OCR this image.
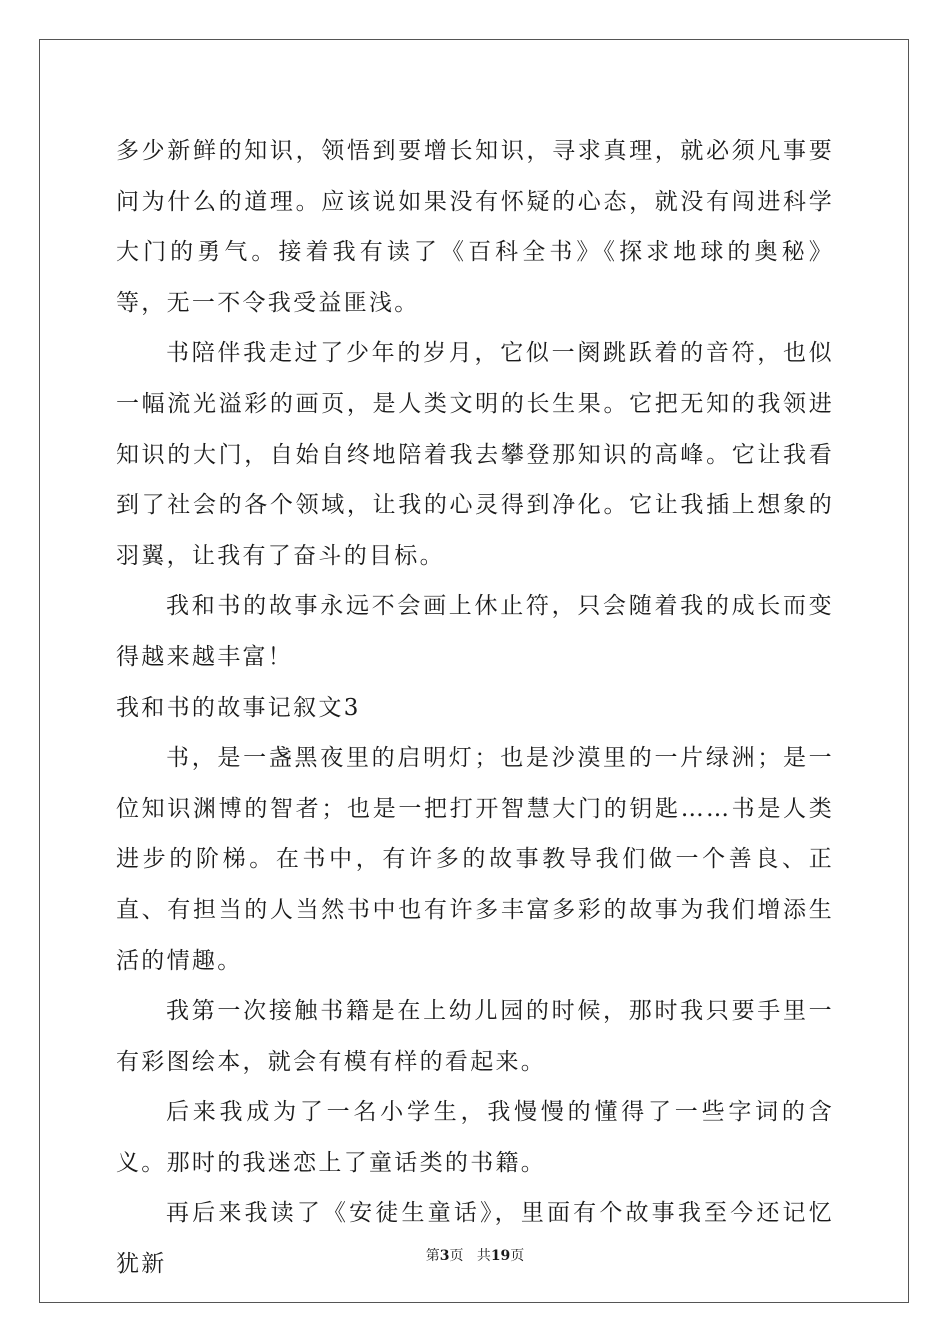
多少新鲜的知识，领悟到要增长知识，寻求真理，就必须凡事要问为什么的道理。应该说如果没有怀疑的心态，就没有闯进科学大门的勇气。接着我有读了《百科全书》《探求地球的奥秘》等，无一不令我受益匪浅。

书陪伴我走过了少年的岁月，它似一阕跳跃着的音符，也似一幅流光溢彩的画页，是人类文明的长生果。它把无知的我领进知识的大门，自始自终地陪着我去攀登那知识的高峰。它让我看到了社会的各个领域，让我的心灵得到净化。它让我插上想象的羽翼，让我有了奋斗的目标。

我和书的故事永远不会画上休止符，只会随着我的成长而变得越来越丰富！

我和书的故事记叙文3

书，是一盏黑夜里的启明灯；也是沙漠里的一片绿洲；是一位知识渊博的智者；也是一把打开智慧大门的钥匙……书是人类进步的阶梯。在书中，有许多的故事教导我们做一个善良、正直、有担当的人当然书中也有许多丰富多彩的故事为我们增添生活的情趣。

我第一次接触书籍是在上幼儿园的时候，那时我只要手里一有彩图绘本，就会有模有样的看起来。

后来我成为了一名小学生，我慢慢的懂得了一些字词的含义。那时的我迷恋上了童话类的书籍。

再后来我读了《安徒生童话》，里面有个故事我至今还记忆犹新	第3页 共19页
